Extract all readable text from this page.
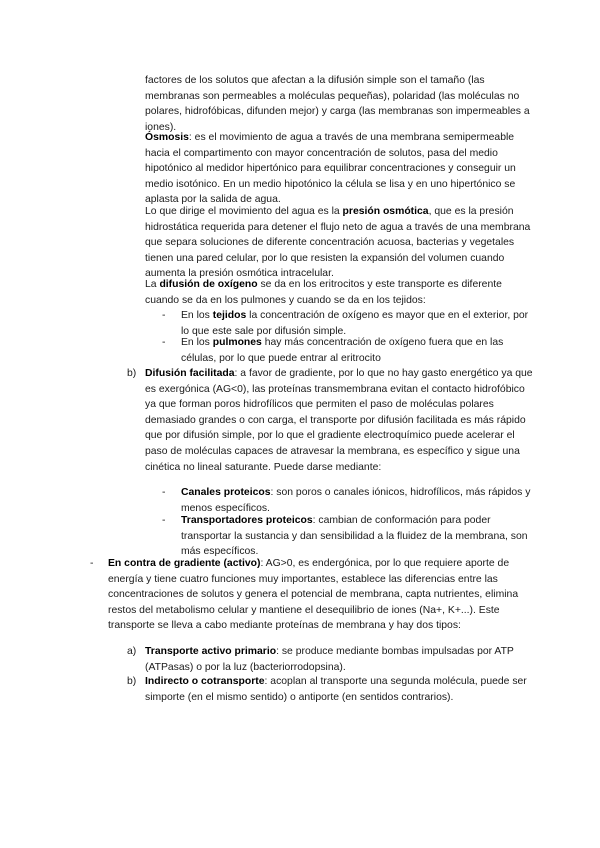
factores de los solutos que afectan a la difusión simple son el tamaño (las membranas son permeables a moléculas pequeñas), polaridad (las moléculas no polares, hidrofóbicas, difunden mejor) y carga (las membranas son impermeables a iones).

Ósmosis: es el movimiento de agua a través de una membrana semipermeable hacia el compartimento con mayor concentración de solutos, pasa del medio hipotónico al medidor hipertónico para equilibrar concentraciones y conseguir un medio isotónico. En un medio hipotónico la célula se lisa y en uno hipertónico se aplasta por la salida de agua.

Lo que dirige el movimiento del agua es la presión osmótica, que es la presión hidrostática requerida para detener el flujo neto de agua a través de una membrana que separa soluciones de diferente concentración acuosa, bacterias y vegetales tienen una pared celular, por lo que resisten la expansión del volumen cuando aumenta la presión osmótica intracelular.

La difusión de oxígeno se da en los eritrocitos y este transporte es diferente cuando se da en los pulmones y cuando se da en los tejidos:

- En los tejidos la concentración de oxígeno es mayor que en el exterior, por lo que este sale por difusión simple.

- En los pulmones hay más concentración de oxígeno fuera que en las células, por lo que puede entrar al eritrocito

b) Difusión facilitada: a favor de gradiente, por lo que no hay gasto energético ya que es exergónica (AG<0), las proteínas transmembrana evitan el contacto hidrofóbico ya que forman poros hidrofílicos que permiten el paso de moléculas polares demasiado grandes o con carga, el transporte por difusión facilitada es más rápido que por difusión simple, por lo que el gradiente electroquímico puede acelerar el paso de moléculas capaces de atravesar la membrana, es específico y sigue una cinética no lineal saturante. Puede darse mediante:

- Canales proteicos: son poros o canales iónicos, hidrofílicos, más rápidos y menos específicos.

- Transportadores proteicos: cambian de conformación para poder transportar la sustancia y dan sensibilidad a la fluidez de la membrana, son más específicos.

- En contra de gradiente (activo): AG>0, es endergónica, por lo que requiere aporte de energía y tiene cuatro funciones muy importantes, establece las diferencias entre las concentraciones de solutos y genera el potencial de membrana, capta nutrientes, elimina restos del metabolismo celular y mantiene el desequilibrio de iones (Na+, K+...). Este transporte se lleva a cabo mediante proteínas de membrana y hay dos tipos:

a) Transporte activo primario: se produce mediante bombas impulsadas por ATP (ATPasas) o por la luz (bacteriorrodopsina).

b) Indirecto o cotransporte: acoplan al transporte una segunda molécula, puede ser simporte (en el mismo sentido) o antiporte (en sentidos contrarios).
